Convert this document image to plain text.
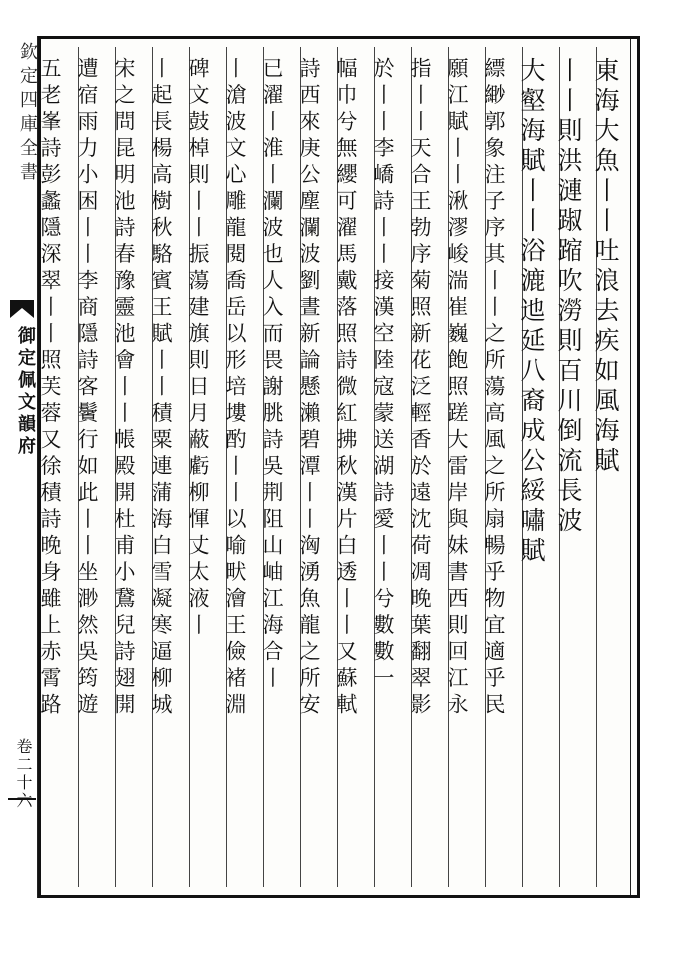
欽定四庫全書
御定佩文韻府
卷二十六
東海大魚丨丨吐浪去疾如風海賦
丨丨則洪漣踧蹜吹澇則百川倒流長波
大壑海賦丨丨浴漉迆延八裔成公綏嘯賦
縹緲郭象注子序其丨丨之所蕩高風之所扇暢乎物宜適乎民
願江賦丨丨湫漻峻湍崔巍飽照蹉大雷岸與妹書西則回江永
指丨丨天合王勃序菊照新花泛輕香於遠沈荷凋晚葉翻翠影
於丨丨李嶠詩丨丨接漢空陸寇蒙送湖詩愛丨丨兮數數一
幅巾兮無纓可濯馬戴落照詩微紅拂秋漢片白透丨丨又蘇軾
詩西來庚公塵瀾波劉晝新論懸瀨碧潭丨丨洶湧魚龍之所安
已濯丨淮丨瀾波也人入而畏謝朓詩吳荆阻山岫江海合丨
丨滄波文心雕龍閱喬岳以形培塿酌丨丨以喻畎澮王儉褚淵
碑文鼓棹則丨丨振蕩建旗則日月蔽虧柳惲丈太液丨
丨起長楊高樹秋駱賓王賦丨丨積粟連蒲海白雪凝寒逼柳城
宋之問昆明池詩春豫靈池會丨丨帳殿開杜甫小鵞兒詩翅開
遭宿雨力小困丨丨李商隱詩客鬢行如此丨丨坐渺然吳筠遊
五老峯詩彭蠡隱深翠丨丨照芙蓉又徐積詩晚身雖上赤霄路
